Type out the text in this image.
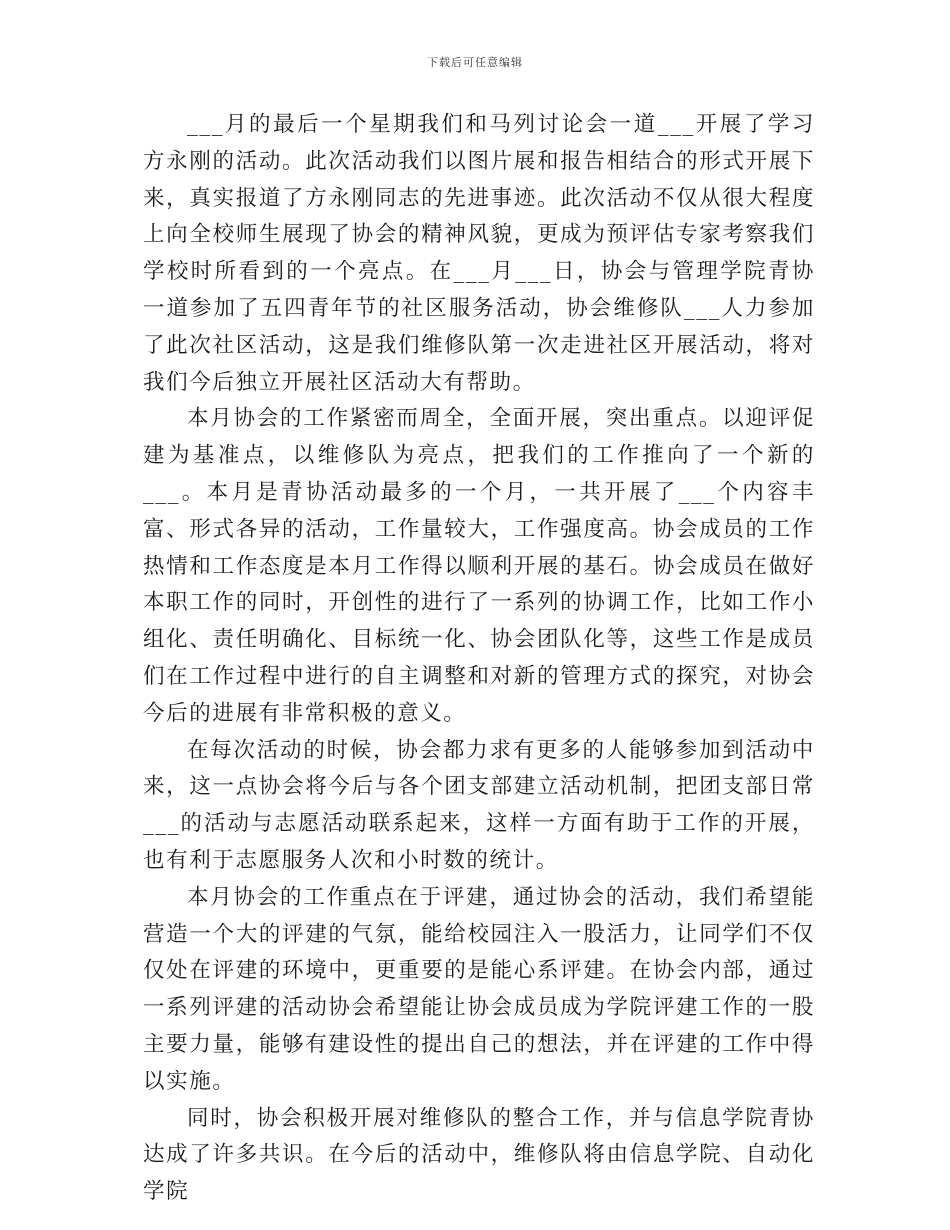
下载后可任意编辑

___月的最后一个星期我们和马列讨论会一道___开展了学习方永刚的活动。此次活动我们以图片展和报告相结合的形式开展下来，真实报道了方永刚同志的先进事迹。此次活动不仅从很大程度上向全校师生展现了协会的精神风貌，更成为预评估专家考察我们学校时所看到的一个亮点。在___月___日，协会与管理学院青协一道参加了五四青年节的社区服务活动，协会维修队___人力参加了此次社区活动，这是我们维修队第一次走进社区开展活动，将对我们今后独立开展社区活动大有帮助。

本月协会的工作紧密而周全，全面开展，突出重点。以迎评促建为基准点，以维修队为亮点，把我们的工作推向了一个新的___。本月是青协活动最多的一个月，一共开展了___个内容丰富、形式各异的活动，工作量较大，工作强度高。协会成员的工作热情和工作态度是本月工作得以顺利开展的基石。协会成员在做好本职工作的同时，开创性的进行了一系列的协调工作，比如工作小组化、责任明确化、目标统一化、协会团队化等，这些工作是成员们在工作过程中进行的自主调整和对新的管理方式的探究，对协会今后的进展有非常积极的意义。

在每次活动的时候，协会都力求有更多的人能够参加到活动中来，这一点协会将今后与各个团支部建立活动机制，把团支部日常___的活动与志愿活动联系起来，这样一方面有助于工作的开展，也有利于志愿服务人次和小时数的统计。

本月协会的工作重点在于评建，通过协会的活动，我们希望能营造一个大的评建的气氛，能给校园注入一股活力，让同学们不仅仅处在评建的环境中，更重要的是能心系评建。在协会内部，通过一系列评建的活动协会希望能让协会成员成为学院评建工作的一股主要力量，能够有建设性的提出自己的想法，并在评建的工作中得以实施。

同时，协会积极开展对维修队的整合工作，并与信息学院青协达成了许多共识。在今后的活动中，维修队将由信息学院、自动化学院
